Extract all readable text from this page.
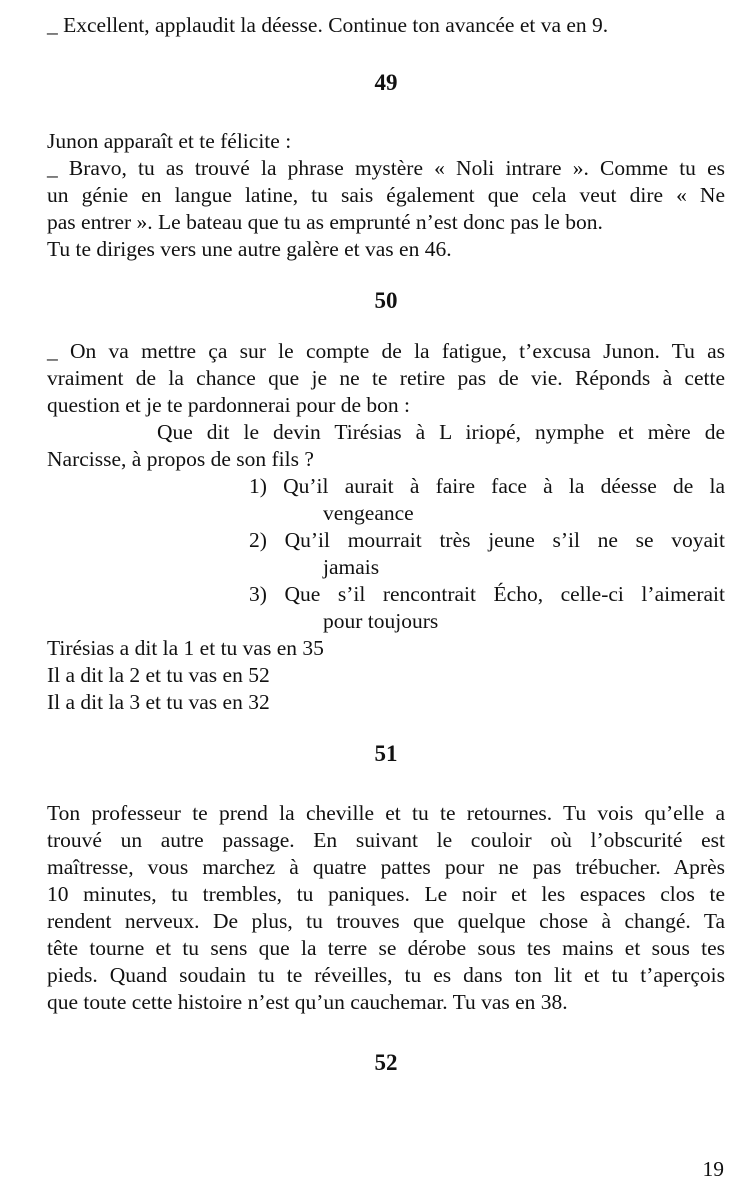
_ Excellent, applaudit la déesse. Continue ton avancée et va en 9.
49
Junon apparaît et te félicite :
_ Bravo, tu as trouvé la phrase mystère « Noli intrare ». Comme tu es
un génie en langue latine, tu sais également que cela veut dire « Ne
pas entrer ». Le bateau que tu as emprunté n’est donc pas le bon.
Tu te diriges vers une autre galère et vas en 46.
50
_ On va mettre ça sur le compte de la fatigue, t’excusa Junon. Tu as
vraiment de la chance que je ne te retire pas de vie. Réponds à cette
question et je te pardonnerai pour de bon :
Que dit le devin Tirésias à L iriopé, nymphe et mère de
Narcisse, à propos de son fils ?
1) Qu’il aurait à faire face à la déesse de la
vengeance
2) Qu’il mourrait très jeune s’il ne se voyait
jamais
3) Que s’il rencontrait Écho, celle-ci l’aimerait
pour toujours
Tirésias a dit la 1 et tu vas en 35
Il a dit la 2 et tu vas en 52
Il a dit la 3 et tu vas en 32
51
Ton professeur te prend la cheville et tu te retournes. Tu vois qu’elle a
trouvé un autre passage. En suivant le couloir où l’obscurité est
maîtresse, vous marchez à quatre pattes pour ne pas trébucher. Après
10 minutes, tu trembles, tu paniques. Le noir et les espaces clos te
rendent nerveux. De plus, tu trouves que quelque chose à changé. Ta
tête tourne et tu sens que la terre se dérobe sous tes mains et sous tes
pieds. Quand soudain tu te réveilles, tu es dans ton lit et tu t’aperçois
que toute cette histoire n’est qu’un cauchemar. Tu vas en 38.
52
19
